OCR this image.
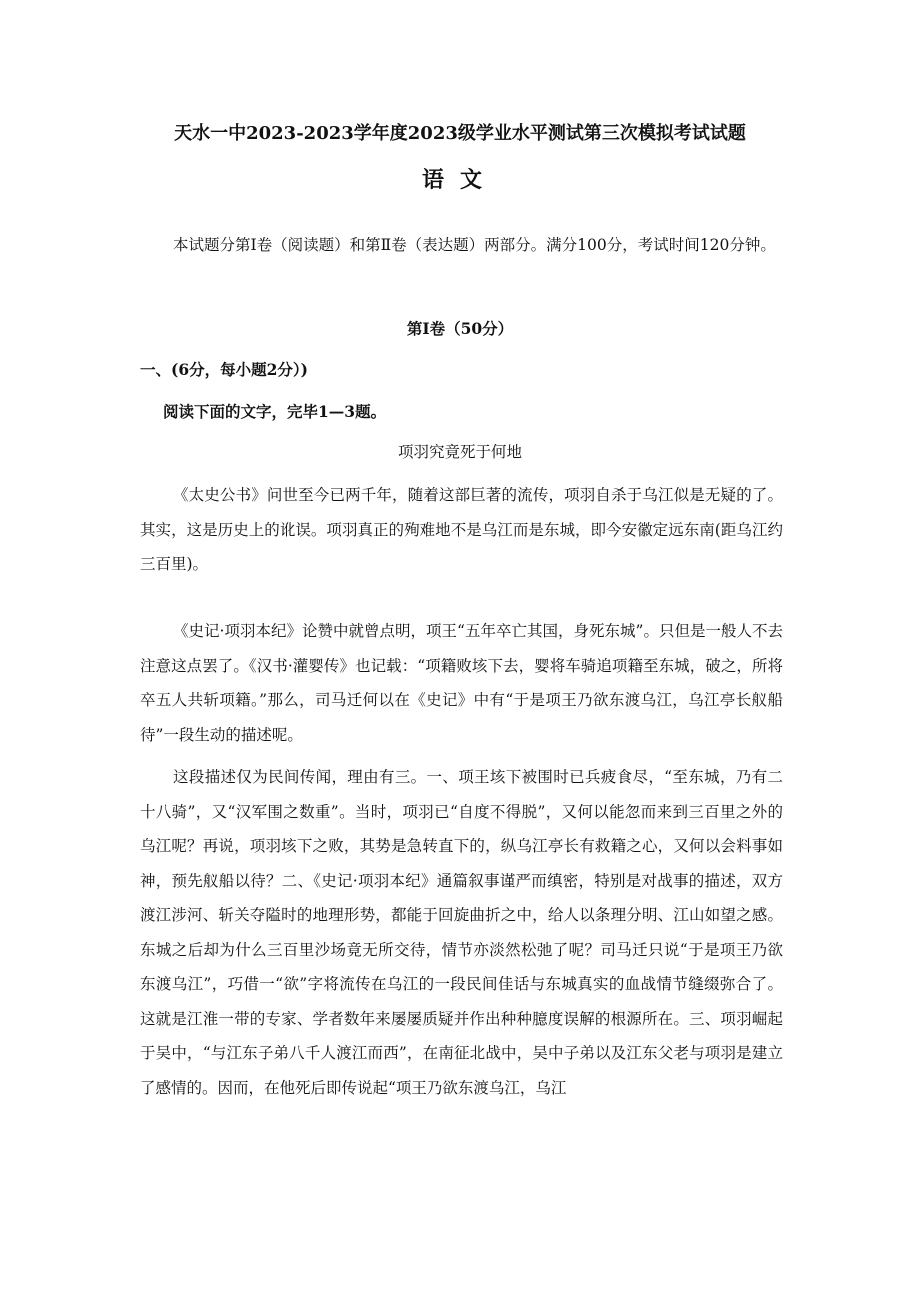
天水一中2023-2023学年度2023级学业水平测试第三次模拟考试试题
语文

本试题分第Ⅰ卷（阅读题）和第Ⅱ卷（表达题）两部分。满分100分，考试时间120分钟。

第Ⅰ卷（50分）
一、(6分，每小题2分）)
阅读下面的文字，完毕1—3题。
项羽究竟死于何地

《太史公书》问世至今已两千年，随着这部巨著的流传，项羽自杀于乌江似是无疑的了。其实，这是历史上的讹误。项羽真正的殉难地不是乌江而是东城，即今安徽定远东南(距乌江约三百里)。

《史记·项羽本纪》论赞中就曾点明，项王“五年卒亡其国，身死东城”。只但是一般人不去注意这点罢了。《汉书·灌婴传》也记载：“项籍败垓下去，婴将车骑追项籍至东城，破之，所将卒五人共斩项籍。”那么，司马迁何以在《史记》中有“于是项王乃欲东渡乌江，乌江亭长舣船待”一段生动的描述呢。

这段描述仅为民间传闻，理由有三。一、项王垓下被围时已兵疲食尽，“至东城，乃有二十八骑”，又“汉军围之数重”。当时，项羽已“自度不得脱”，又何以能忽而来到三百里之外的乌江呢？再说，项羽垓下之败，其势是急转直下的，纵乌江亭长有救籍之心，又何以会料事如神，预先舣船以待？二、《史记·项羽本纪》通篇叙事谨严而缜密，特别是对战事的描述，双方渡江涉河、斩关夺隘时的地理形势，都能于回旋曲折之中，给人以条理分明、江山如望之感。东城之后却为什么三百里沙场竟无所交待，情节亦淡然松弛了呢？司马迁只说“于是项王乃欲东渡乌江”，巧借一“欲”字将流传在乌江的一段民间佳话与东城真实的血战情节缝缀弥合了。这就是江淮一带的专家、学者数年来屡屡质疑并作出种种臆度误解的根源所在。三、项羽崛起于吴中，“与江东子弟八千人渡江而西”，在南征北战中，吴中子弟以及江东父老与项羽是建立了感情的。因而，在他死后即传说起“项王乃欲东渡乌江，乌江
